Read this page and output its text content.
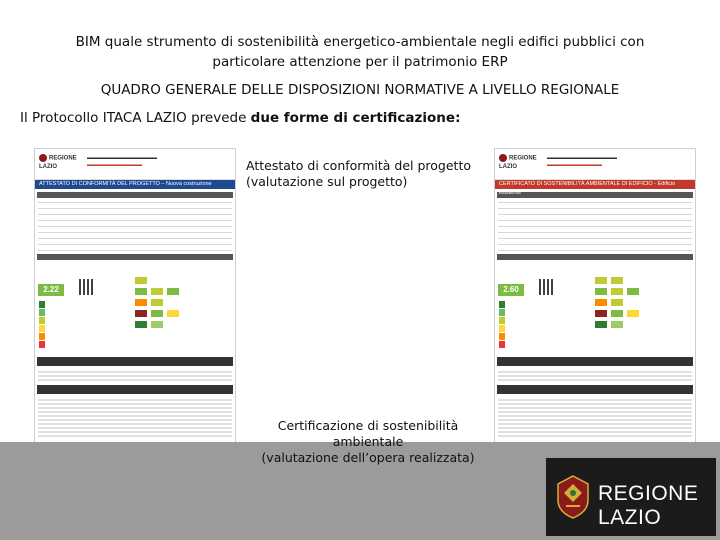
BIM quale strumento di sostenibilità energetico-ambientale negli edifici pubblici con particolare attenzione per il patrimonio ERP
QUADRO GENERALE DELLE DISPOSIZIONI NORMATIVE A LIVELLO REGIONALE
Il Protocollo ITACA LAZIO prevede due forme di certificazione:
REGIONE
LAZIO
▬▬▬▬▬▬▬▬▬▬▬▬▬▬
▬▬▬▬▬▬▬▬▬▬▬
ATTESTATO DI CONFORMITÀ DEL PROGETTO – Nuova costruzione
2.22
REGIONE
LAZIO
▬▬▬▬▬▬▬▬▬▬▬▬▬▬
▬▬▬▬▬▬▬▬▬▬▬
CERTIFICATO DI SOSTENIBILITÀ AMBIENTALE DI EDIFICIO - Edificio esistente
2.60
Attestato di conformità del progetto
(valutazione sul progetto)
Certificazione di sostenibilità ambientale
(valutazione dell’opera realizzata)
REGIONE
LAZIO
